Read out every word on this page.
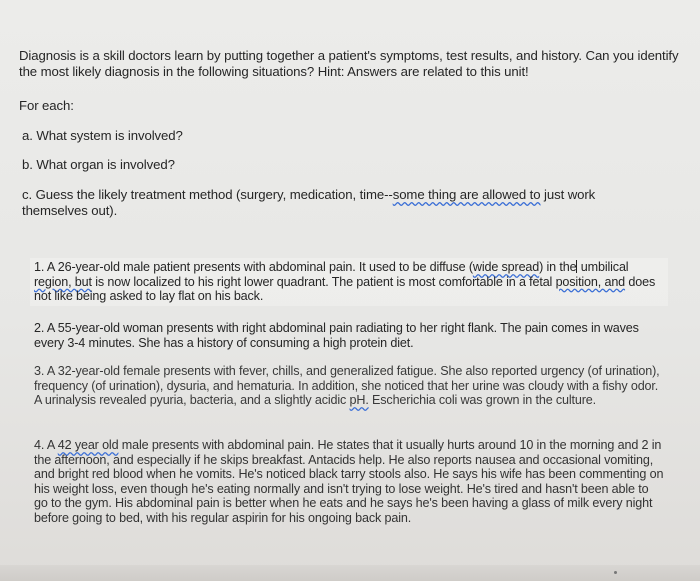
Diagnosis is a skill doctors learn by putting together a patient's symptoms, test results, and history. Can you identify the most likely diagnosis in the following situations? Hint: Answers are related to this unit!
For each:
a. What system is involved?
b. What organ is involved?
c. Guess the likely treatment method (surgery, medication, time--some thing are allowed to just work themselves out).
1. A 26-year-old male patient presents with abdominal pain. It used to be diffuse (wide spread) in the umbilical region, but is now localized to his right lower quadrant. The patient is most comfortable in a fetal position, and does not like being asked to lay flat on his back.
2. A 55-year-old woman presents with right abdominal pain radiating to her right flank. The pain comes in waves every 3-4 minutes. She has a history of consuming a high protein diet.
3. A 32-year-old female presents with fever, chills, and generalized fatigue. She also reported urgency (of urination), frequency (of urination), dysuria, and hematuria. In addition, she noticed that her urine was cloudy with a fishy odor. A urinalysis revealed pyuria, bacteria, and a slightly acidic pH. Escherichia coli was grown in the culture.
4. A 42 year old male presents with abdominal pain. He states that it usually hurts around 10 in the morning and 2 in the afternoon, and especially if he skips breakfast. Antacids help. He also reports nausea and occasional vomiting, and bright red blood when he vomits. He's noticed black tarry stools also. He says his wife has been commenting on his weight loss, even though he's eating normally and isn't trying to lose weight. He's tired and hasn't been able to go to the gym. His abdominal pain is better when he eats and he says he's been having a glass of milk every night before going to bed, with his regular aspirin for his ongoing back pain.
